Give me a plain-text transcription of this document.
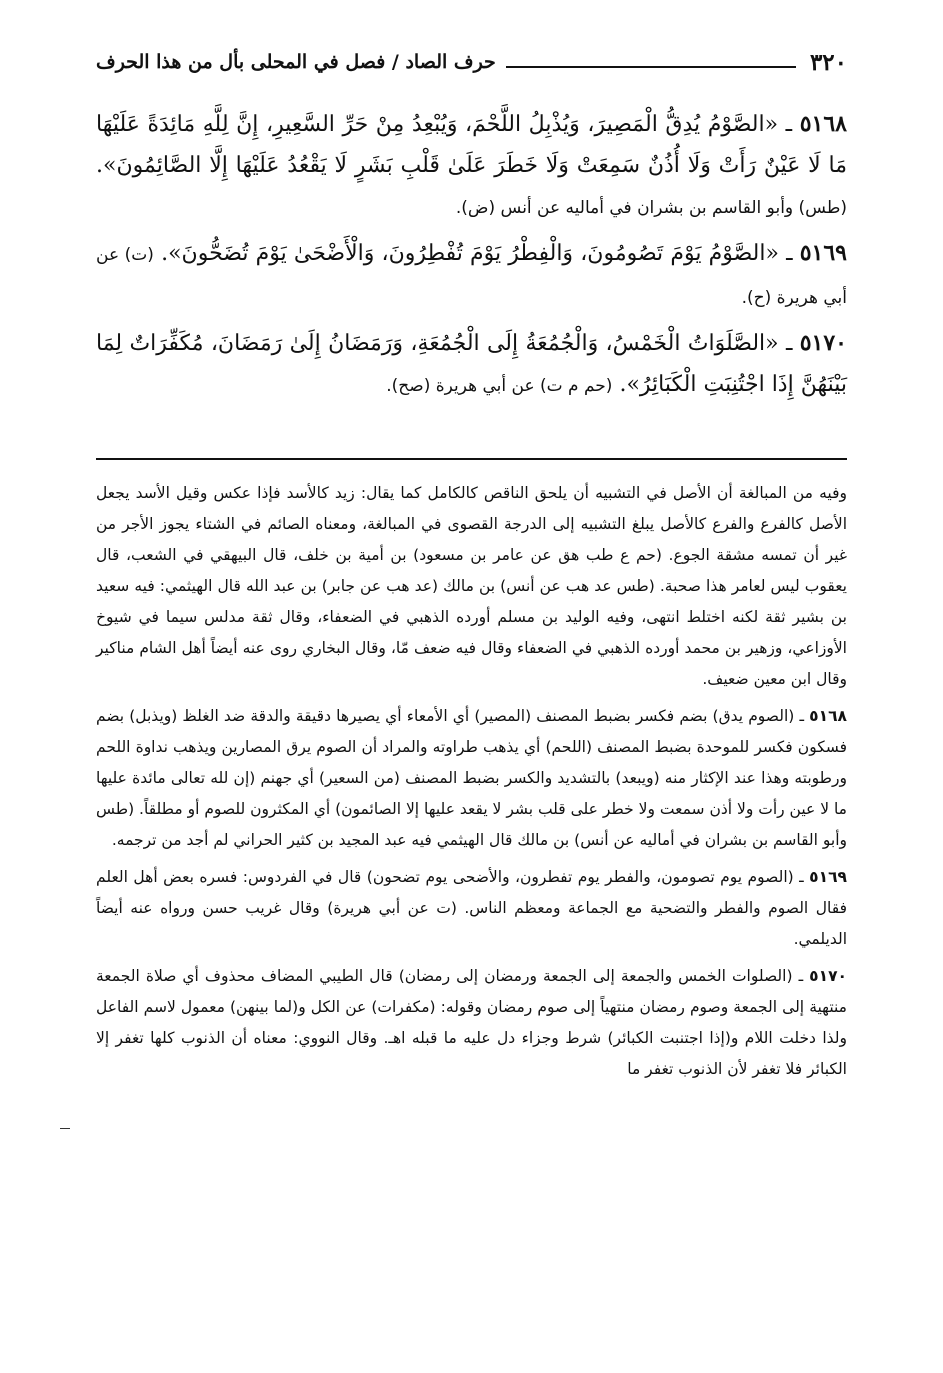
٣٢٠
حرف الصاد / فصل في المحلى بأل من هذا الحرف

٥١٦٨ ـ «الصَّوْمُ يُدِقُّ الْمَصِيرَ، وَيُذْبِلُ اللَّحْمَ، وَيُبْعِدُ مِنْ حَرِّ السَّعِيرِ، إِنَّ لِلَّهِ مَائِدَةً عَلَيْهَا مَا لَا عَيْنٌ رَأَتْ وَلَا أُذُنٌ سَمِعَتْ وَلَا خَطَرَ عَلَىٰ قَلْبِ بَشَرٍ لَا يَقْعُدُ عَلَيْهَا إِلَّا الصَّائِمُونَ». (طس) وأبو القاسم بن بشران في أماليه عن أنس (ض).

٥١٦٩ ـ «الصَّوْمُ يَوْمَ تَصُومُونَ، وَالْفِطْرُ يَوْمَ تُفْطِرُونَ، وَالْأَضْحَىٰ يَوْمَ تُضَحُّونَ». (ت) عن أبي هريرة (ح).

٥١٧٠ ـ «الصَّلَوَاتُ الْخَمْسُ، وَالْجُمُعَةُ إِلَى الْجُمُعَةِ، وَرَمَضَانُ إِلَىٰ رَمَضَانَ، مُكَفِّرَاتٌ لِمَا بَيْنَهُنَّ إِذَا اجْتُنِبَتِ الْكَبَائِرُ». (حم م ت) عن أبي هريرة (صح).

وفيه من المبالغة أن الأصل في التشبيه أن يلحق الناقص كالكامل كما يقال: زيد كالأسد فإذا عكس وقيل الأسد يجعل الأصل كالفرع والفرع كالأصل يبلغ التشبيه إلى الدرجة القصوى في المبالغة، ومعناه الصائم في الشتاء يجوز الأجر من غير أن تمسه مشقة الجوع. (حم ع طب هق عن عامر بن مسعود) بن أمية بن خلف، قال البيهقي في الشعب، قال يعقوب ليس لعامر هذا صحبة. (طس عد هب عن أنس) بن مالك (عد هب عن جابر) بن عبد الله قال الهيثمي: فيه سعيد بن بشير ثقة لكنه اختلط انتهى، وفيه الوليد بن مسلم أورده الذهبي في الضعفاء، وقال ثقة مدلس سيما في شيوخ الأوزاعي، وزهير بن محمد أورده الذهبي في الضعفاء وقال فيه ضعف مّا، وقال البخاري روى عنه أيضاً أهل الشام مناكير وقال ابن معين ضعيف.

٥١٦٨ ـ (الصوم يدق) بضم فكسر بضبط المصنف (المصير) أي الأمعاء أي يصيرها دقيقة والدقة ضد الغلظ (ويذبل) بضم فسكون فكسر للموحدة بضبط المصنف (اللحم) أي يذهب طراوته والمراد أن الصوم يرق المصارين ويذهب نداوة اللحم ورطوبته وهذا عند الإكثار منه (ويبعد) بالتشديد والكسر بضبط المصنف (من السعير) أي جهنم (إن لله تعالى مائدة عليها ما لا عين رأت ولا أذن سمعت ولا خطر على قلب بشر لا يقعد عليها إلا الصائمون) أي المكثرون للصوم أو مطلقاً. (طس وأبو القاسم بن بشران في أماليه عن أنس) بن مالك قال الهيثمي فيه عبد المجيد بن كثير الحراني لم أجد من ترجمه.

٥١٦٩ ـ (الصوم يوم تصومون، والفطر يوم تفطرون، والأضحى يوم تضحون) قال في الفردوس: فسره بعض أهل العلم فقال الصوم والفطر والتضحية مع الجماعة ومعظم الناس. (ت عن أبي هريرة) وقال غريب حسن ورواه عنه أيضاً الديلمي.

٥١٧٠ ـ (الصلوات الخمس والجمعة إلى الجمعة ورمضان إلى رمضان) قال الطيبي المضاف محذوف أي صلاة الجمعة منتهية إلى الجمعة وصوم رمضان منتهياً إلى صوم رمضان وقوله: (مكفرات) عن الكل و(لما بينهن) معمول لاسم الفاعل ولذا دخلت اللام و(إذا اجتنبت الكبائر) شرط وجزاء دل عليه ما قبله اهـ. وقال النووي: معناه أن الذنوب كلها تغفر إلا الكبائر فلا تغفر لأن الذنوب تغفر ما
